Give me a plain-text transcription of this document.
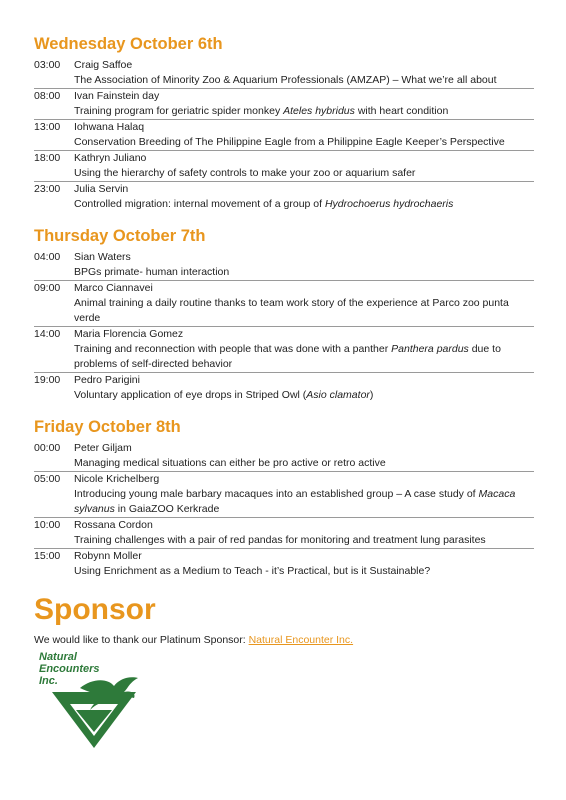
Wednesday October 6th
03:00	Craig Saffoe
The Association of Minority Zoo & Aquarium Professionals (AMZAP) – What we’re all about
08:00	Ivan Fainstein day
Training program for geriatric spider monkey Ateles hybridus with heart condition
13:00	Iohwana Halaq
Conservation Breeding of The Philippine Eagle from a Philippine Eagle Keeper’s Perspective
18:00	Kathryn Juliano
Using the hierarchy of safety controls to make your zoo or aquarium safer
23:00	Julia Servin
Controlled migration: internal movement of a group of Hydrochoerus hydrochaeris
Thursday October 7th
04:00	Sian Waters
BPGs primate- human interaction
09:00	Marco Ciannavei
Animal training a daily routine thanks to team work story of the experience at Parco zoo punta verde
14:00	Maria Florencia Gomez
Training and reconnection with people that was done with a panther Panthera pardus due to problems of self-directed behavior
19:00	Pedro Parigini
Voluntary application of eye drops in Striped Owl (Asio clamator)
Friday October 8th
00:00	Peter Giljam
Managing medical situations can either be pro active or retro active
05:00	Nicole Krichelberg
Introducing young male barbary macaques into an established group – A case study of Macaca sylvanus in GaiaZOO Kerkrade
10:00	Rossana Cordon
Training challenges with a pair of red pandas for monitoring and treatment lung parasites
15:00	Robynn Moller
Using Enrichment as a Medium to Teach - it’s Practical, but is it Sustainable?
Sponsor
We would like to thank our Platinum Sponsor: Natural Encounter Inc.
Natural
Encounters
Inc.
